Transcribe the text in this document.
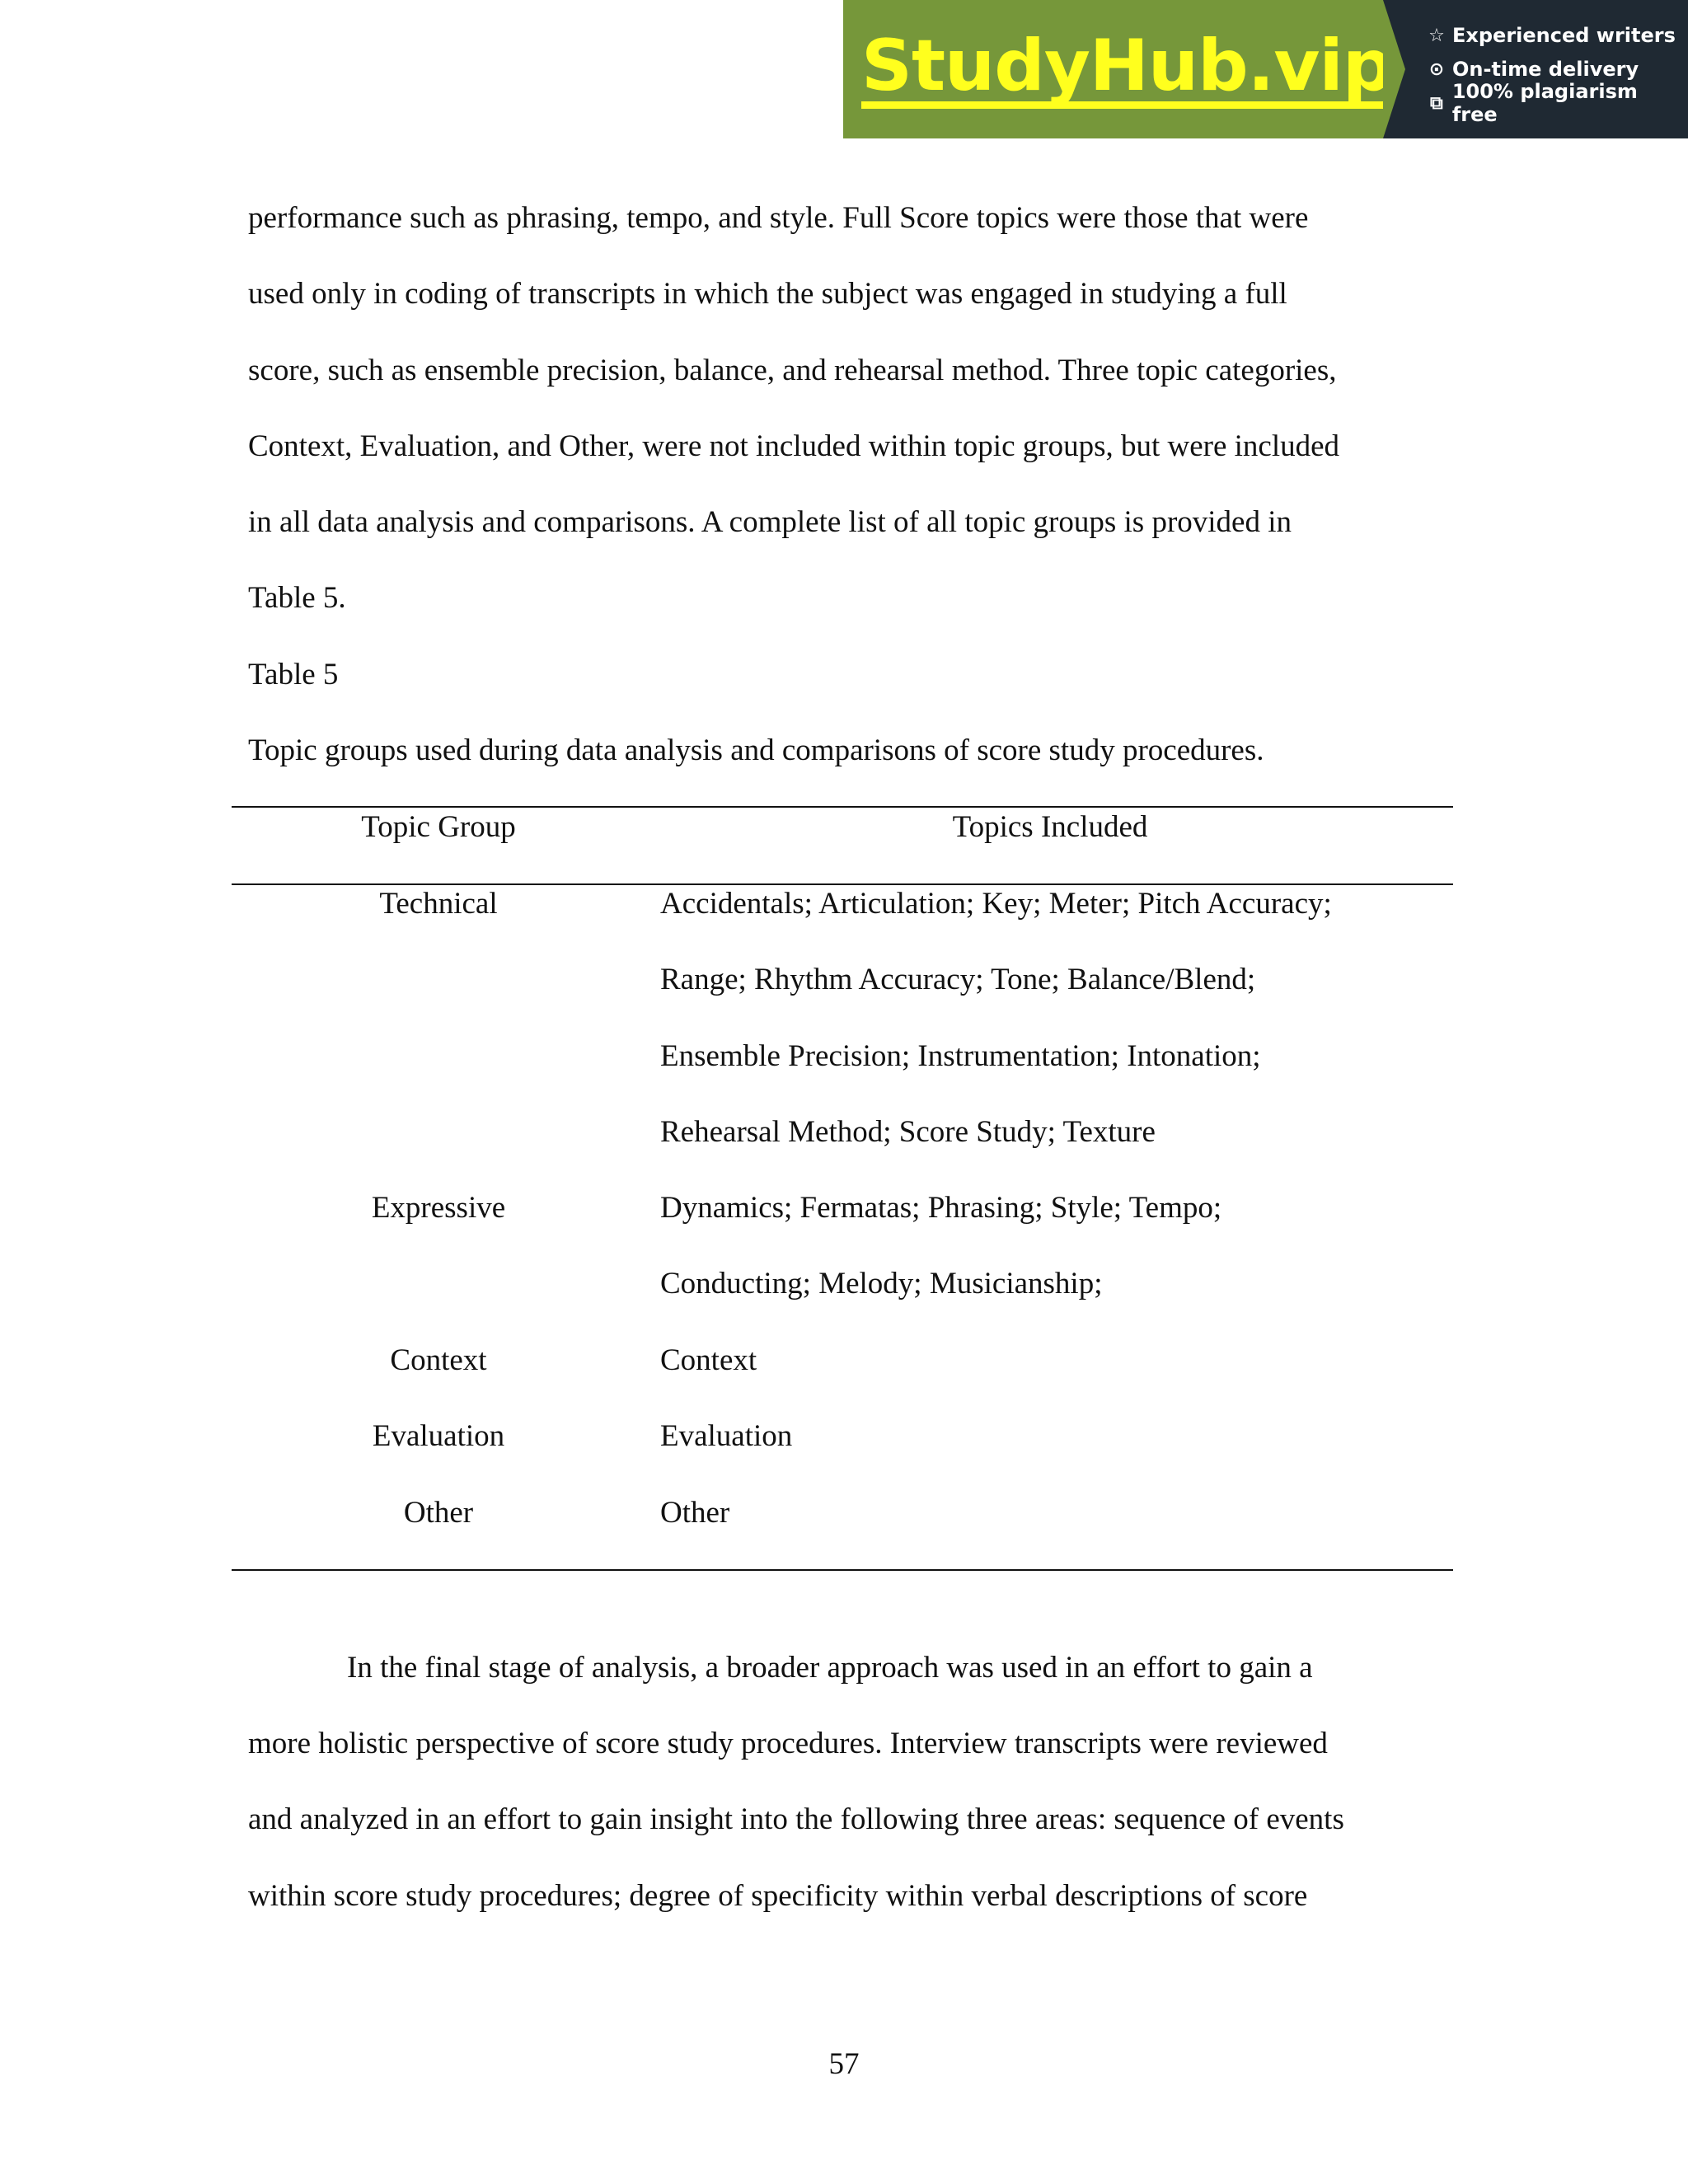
StudyHub.vip ☆ Experienced writers
⊙ On-time delivery
⧉ 100% plagiarism free
performance such as phrasing, tempo, and style. Full Score topics were those that were
used only in coding of transcripts in which the subject was engaged in studying a full
score, such as ensemble precision, balance, and rehearsal method. Three topic categories,
Context, Evaluation, and Other, were not included within topic groups, but were included
in all data analysis and comparisons. A complete list of all topic groups is provided in
Table 5.
Table 5
Topic groups used during data analysis and comparisons of score study procedures.
Topic Group	Topics Included
Technical	Accidentals; Articulation; Key; Meter; Pitch Accuracy;
Range; Rhythm Accuracy; Tone; Balance/Blend;
Ensemble Precision; Instrumentation; Intonation;
Rehearsal Method; Score Study; Texture
Expressive	Dynamics; Fermatas; Phrasing; Style; Tempo;
Conducting; Melody; Musicianship;
Context	Context
Evaluation	Evaluation
Other	Other
In the final stage of analysis, a broader approach was used in an effort to gain a
more holistic perspective of score study procedures. Interview transcripts were reviewed
and analyzed in an effort to gain insight into the following three areas: sequence of events
within score study procedures; degree of specificity within verbal descriptions of score
57
